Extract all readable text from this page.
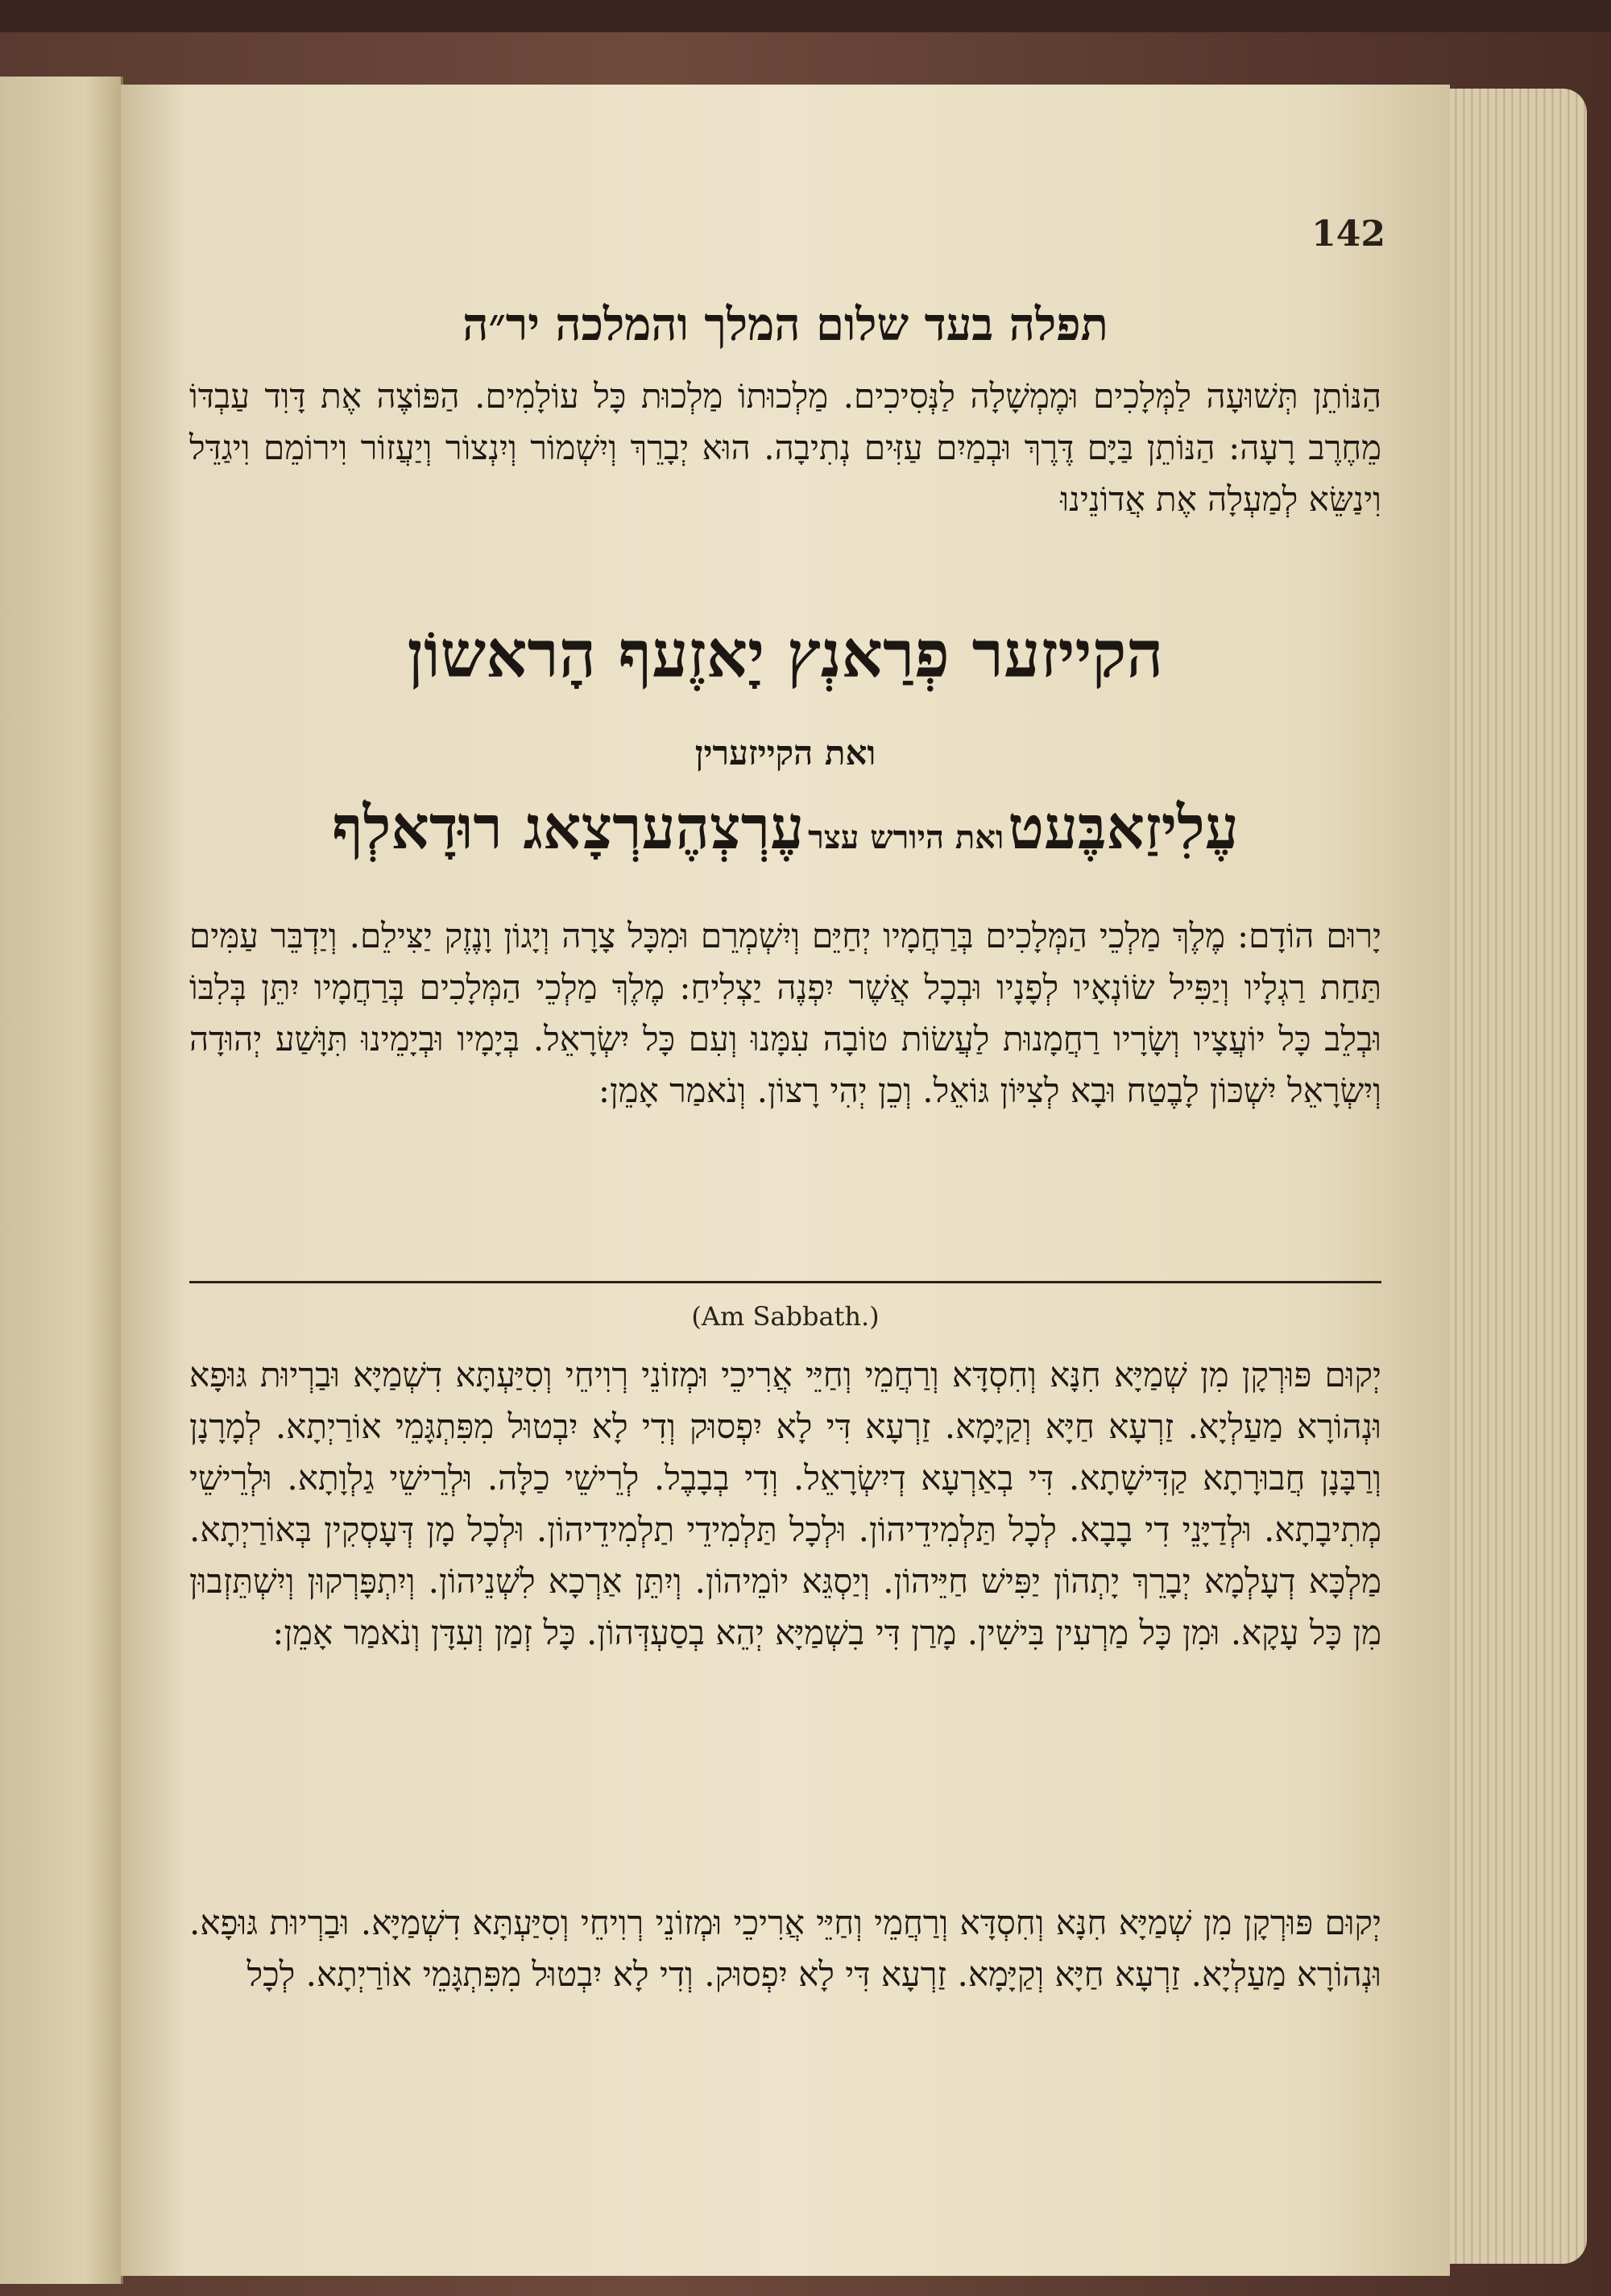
142

תפלה בעד שלום המלך והמלכה יר״ה

הַנּוֹתֵן תְּשׁוּעָה לַמְּלָכִים וּמֶמְשָׁלָה לַנְּסִיכִים. מַלְכוּתוֹ מַלְכוּת כָּל עוֹלָמִים. הַפּוֹצֶה אֶת דָּוִד עַבְדּוֹ מֵחֶרֶב רָעָה: הַנּוֹתֵן בַּיָּם דֶּרֶךְ וּבְמַיִם עַזִּים נְתִיבָה. הוּא יְבָרֵךְ וְיִשְׁמוֹר וְיִנְצוֹר וְיַעֲזוֹר וִירוֹמֵם וִיגַדֵּל וִינַשֵּׂא לְמַעְלָה אֶת אֲדוֹנֵינוּ

הקייזער פְרַאנְץ יָאזֶעף הָראשוֹן
ואת הקייזערין
עֶלִיזַאבֶּעט ואת היורש עצר עֶרְצְהֶערְצָאג רוּדָאלְף

יָרוּם הוֹדָם: מֶלֶךְ מַלְכֵי הַמְּלָכִים בְּרַחֲמָיו יְחַיֵּם וְיִשְׁמְרֵם וּמִכָּל צָרָה וְיָגוֹן וָנֶזֶק יַצִּילֵם. וְיַדְבֵּר עַמִּים תַּחַת רַגְלָיו וְיַפִּיל שׂוֹנְאָיו לְפָנָיו וּבְכָל אֲשֶׁר יִפְנֶה יַצְלִיחַ: מֶלֶךְ מַלְכֵי הַמְּלָכִים בְּרַחֲמָיו יִתֵּן בְּלִבּוֹ וּבְלֵב כָּל יוֹעֲצָיו וְשָׂרָיו רַחֲמָנוּת לַעֲשׂוֹת טוֹבָה עִמָּנוּ וְעִם כָּל יִשְׂרָאֵל. בְּיָמָיו וּבְיָמֵינוּ תִּוָּשַׁע יְהוּדָה וְיִשְׂרָאֵל יִשְׁכּוֹן לָבֶטַח וּבָא לְצִיּוֹן גּוֹאֵל. וְכֵן יְהִי רָצוֹן. וְנֹאמַר אָמֵן:

(Am Sabbath.)

יְקוּם פּוּרְקָן מִן שְׁמַיָּא חִנָּא וְחִסְדָּא וְרַחֲמֵי וְחַיֵּי אֲרִיכֵי וּמְזוֹנֵי רְוִיחֵי וְסִיַּעְתָּא דִשְׁמַיָּא וּבַרְיוּת גּוּפָא וּנְהוֹרָא מַעַלְיָא. זַרְעָא חַיָּא וְקַיָּמָא. זַרְעָא דִּי לָא יִפְסוּק וְדִי לָא יִבְטוּל מִפִּתְגָּמֵי אוֹרַיְתָא. לְמָרָנָן וְרַבָּנָן חֲבוּרָתָא קַדִּישָׁתָא. דִּי בְאַרְעָא דְיִשְׂרָאֵל. וְדִי בְבָבֶל. לְרֵישֵׁי כַלָּה. וּלְרֵישֵׁי גַלְוָתָא. וּלְרֵישֵׁי מְתִיבָתָא. וּלְדַיָּנֵי דִי בָבָא. לְכָל תַּלְמִידֵיהוֹן. וּלְכָל תַּלְמִידֵי תַלְמִידֵיהוֹן. וּלְכָל מָן דְּעָסְקִין בְּאוֹרַיְתָא. מַלְכָּא דְעָלְמָא יְבָרֵךְ יָתְהוֹן יַפִּישׁ חַיֵּיהוֹן. וְיַסְגֵּא יוֹמֵיהוֹן. וְיִתֵּן אַרְכָא לִשְׁנֵיהוֹן. וְיִתְפָּרְקוּן וְיִשְׁתֵּזְבוּן מִן כָּל עָקָא. וּמִן כָּל מַרְעִין בִּישִׁין. מָרַן דִּי בִשְׁמַיָּא יְהֵא בְסַעְדְּהוֹן. כָּל זְמַן וְעִדָּן וְנֹאמַר אָמֵן:

יְקוּם פּוּרְקָן מִן שְׁמַיָּא חִנָּא וְחִסְדָּא וְרַחֲמֵי וְחַיֵּי אֲרִיכֵי וּמְזוֹנֵי רְוִיחֵי וְסִיַּעְתָּא דִשְׁמַיָּא. וּבַרְיוּת גּוּפָא. וּנְהוֹרָא מַעַלְיָא. זַרְעָא חַיָּא וְקַיָּמָא. זַרְעָא דִּי לָא יִפְסוּק. וְדִי לָא יִבְטוּל מִפִּתְגָּמֵי אוֹרַיְתָא. לְכָל
